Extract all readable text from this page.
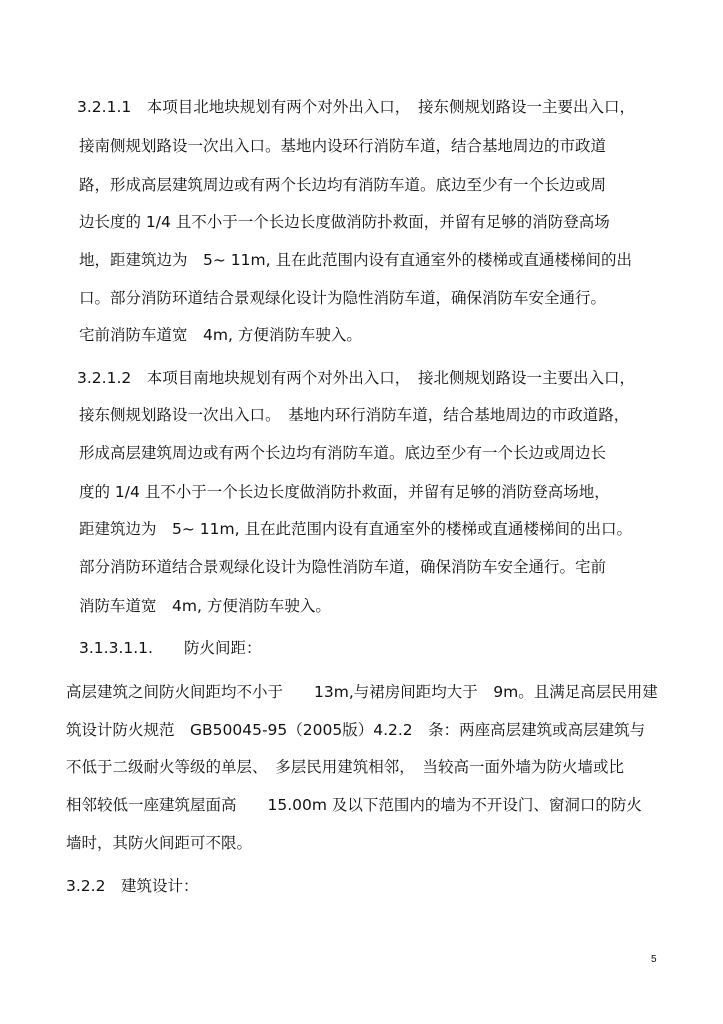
3.2.1.1　本项目北地块规划有两个对外出入口，　接东侧规划路设一主要出入口，
接南侧规划路设一次出入口。基地内设环行消防车道，结合基地周边的市政道
路，形成高层建筑周边或有两个长边均有消防车道。底边至少有一个长边或周
边长度的 1/4 且不小于一个长边长度做消防扑救面，并留有足够的消防登高场
地，距建筑边为　5~ 11m, 且在此范围内设有直通室外的楼梯或直通楼梯间的出
口。部分消防环道结合景观绿化设计为隐性消防车道，确保消防车安全通行。
宅前消防车道宽　4m, 方便消防车驶入。
3.2.1.2　本项目南地块规划有两个对外出入口，　接北侧规划路设一主要出入口，
接东侧规划路设一次出入口。　基地内环行消防车道，结合基地周边的市政道路，
形成高层建筑周边或有两个长边均有消防车道。底边至少有一个长边或周边长
度的 1/4 且不小于一个长边长度做消防扑救面，并留有足够的消防登高场地，
距建筑边为　5~ 11m, 且在此范围内设有直通室外的楼梯或直通楼梯间的出口。
部分消防环道结合景观绿化设计为隐性消防车道，确保消防车安全通行。宅前
消防车道宽　4m, 方便消防车驶入。
3.1.3.1.1.　　防火间距：
高层建筑之间防火间距均不小于　　13m,与裙房间距均大于　9m。且满足高层民用建
筑设计防火规范　GB50045-95（2005版）4.2.2　条：两座高层建筑或高层建筑与
不低于二级耐火等级的单层、　多层民用建筑相邻，　当较高一面外墙为防火墙或比
相邻较低一座建筑屋面高　　15.00m 及以下范围内的墙为不开设门、窗洞口的防火
墙时，其防火间距可不限。
3.2.2　建筑设计：
5
